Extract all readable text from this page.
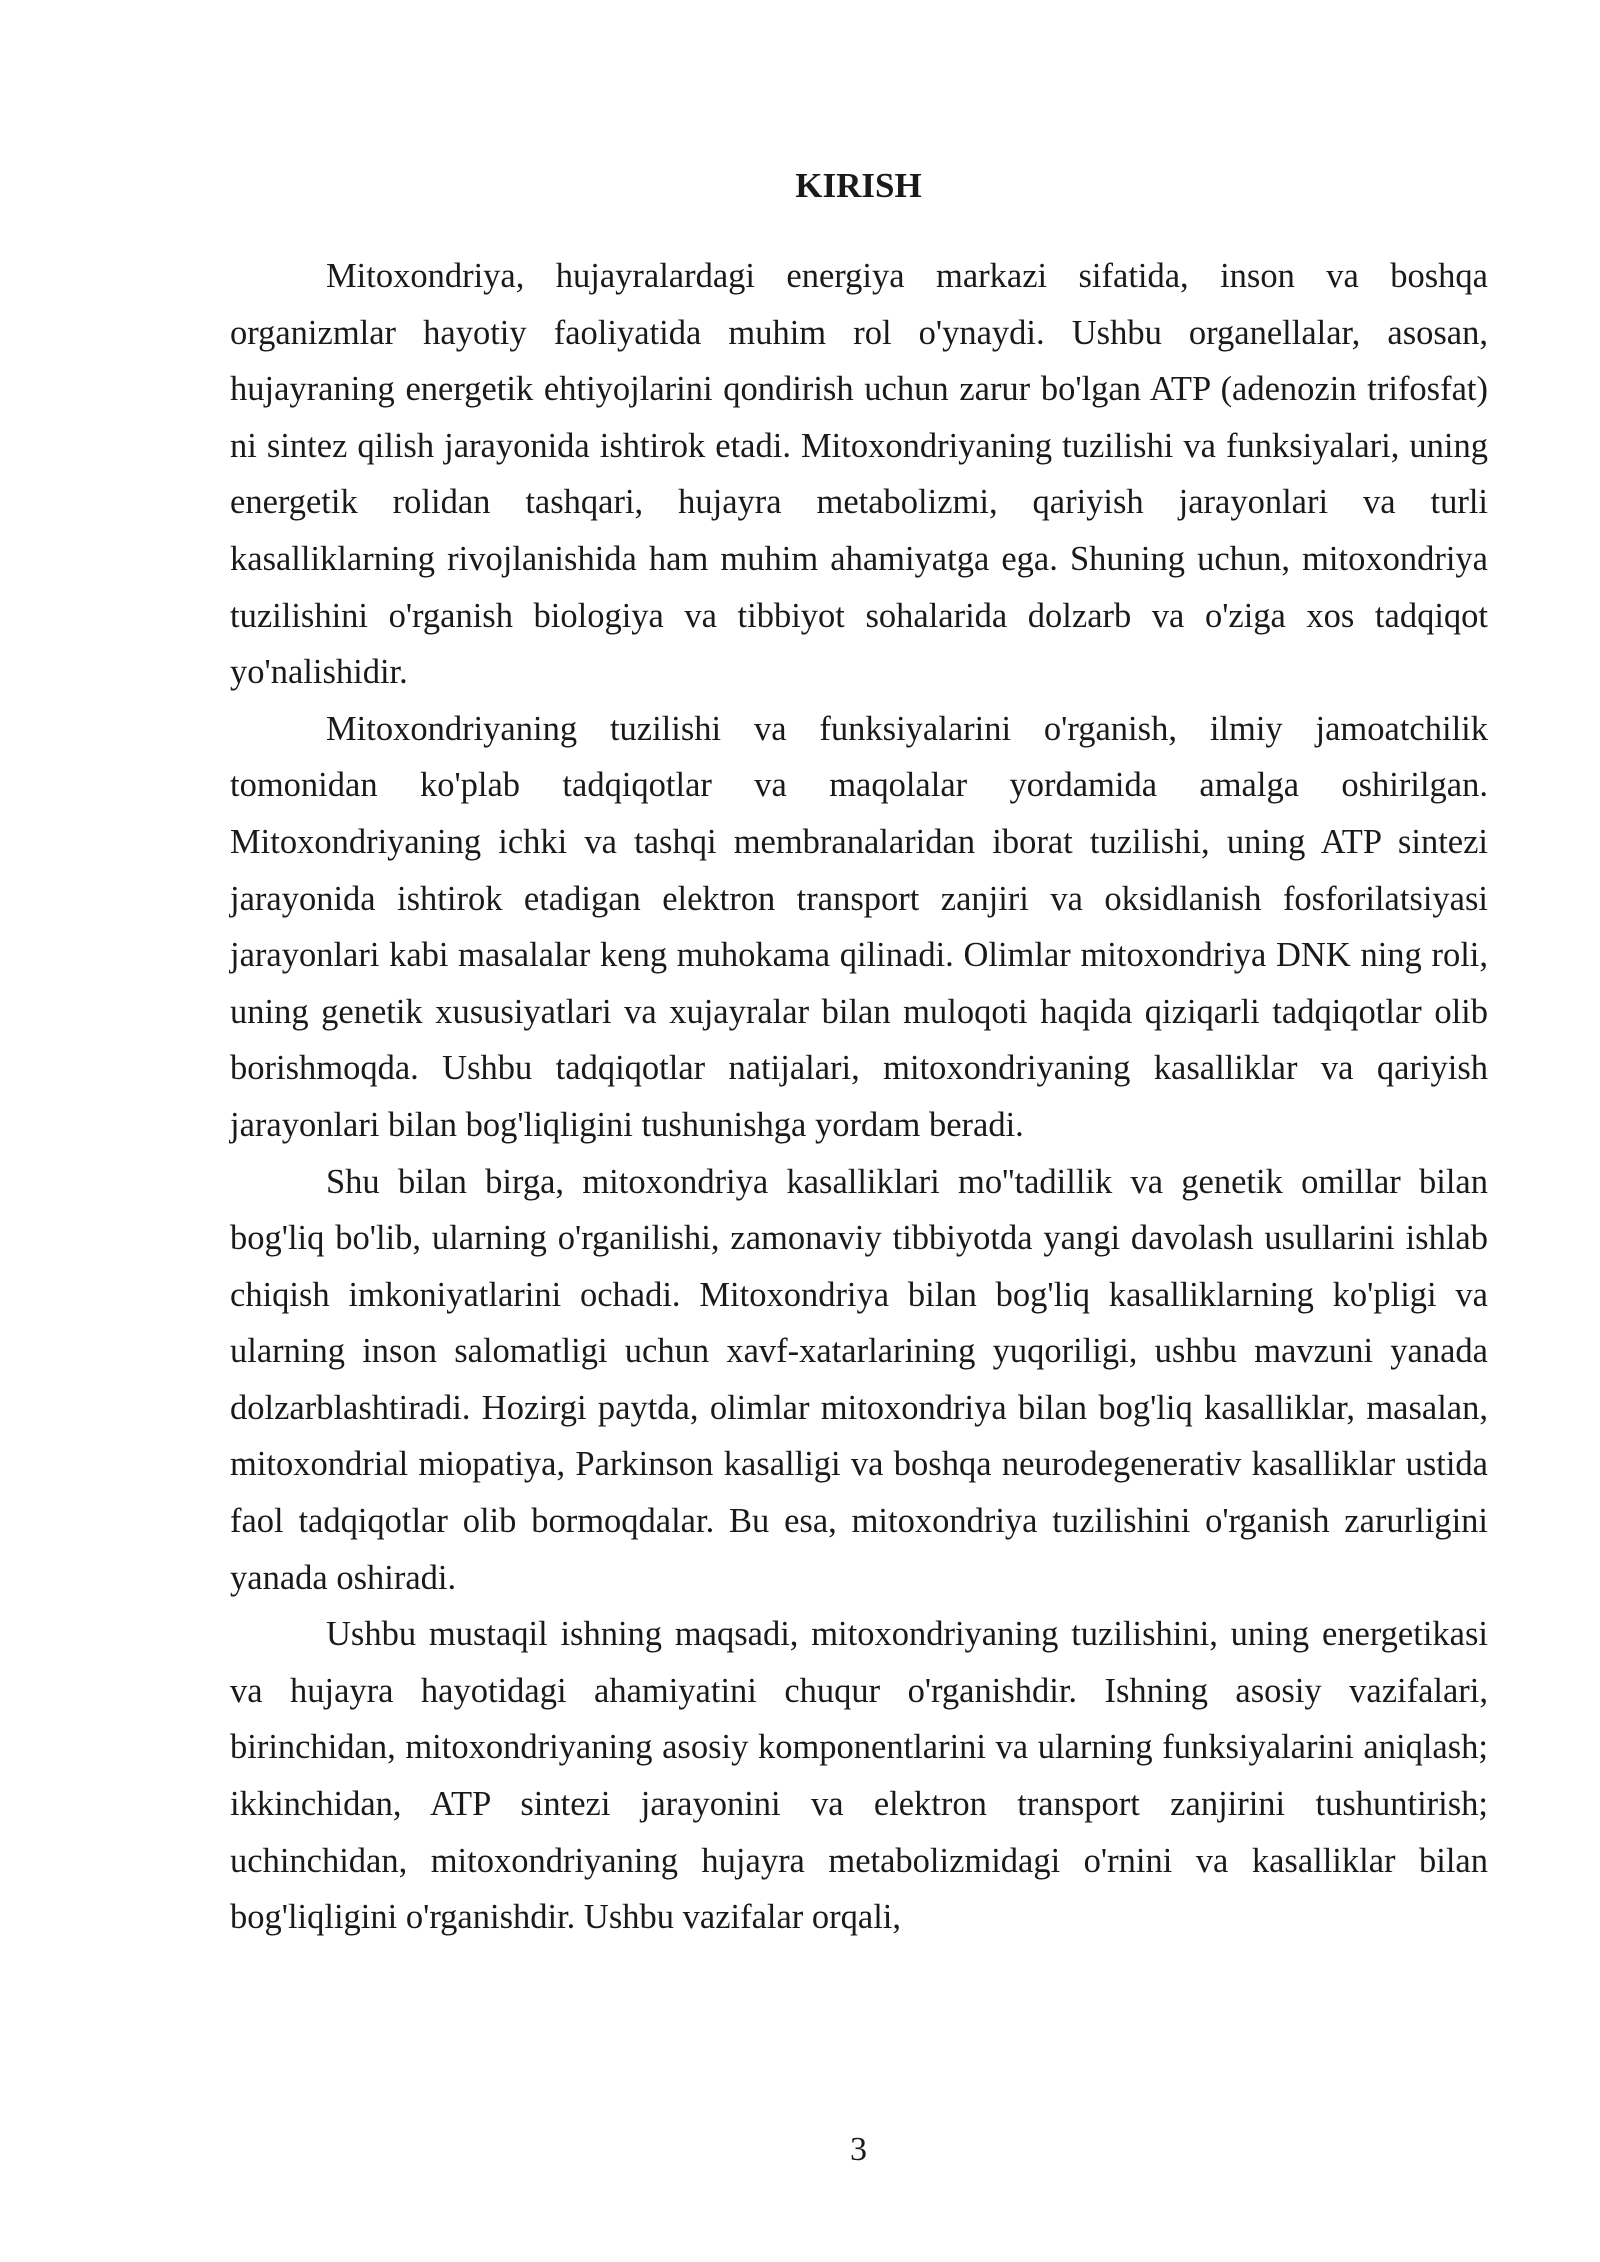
KIRISH

Mitoxondriya, hujayralardagi energiya markazi sifatida, inson va boshqa organizmlar hayotiy faoliyatida muhim rol o'ynaydi. Ushbu organellalar, asosan, hujayraning energetik ehtiyojlarini qondirish uchun zarur bo'lgan ATP (adenozin trifosfat) ni sintez qilish jarayonida ishtirok etadi. Mitoxondriyaning tuzilishi va funksiyalari, uning energetik rolidan tashqari, hujayra metabolizmi, qariyish jarayonlari va turli kasalliklarning rivojlanishida ham muhim ahamiyatga ega. Shuning uchun, mitoxondriya tuzilishini o'rganish biologiya va tibbiyot sohalarida dolzarb va o'ziga xos tadqiqot yo'nalishidir.

Mitoxondriyaning tuzilishi va funksiyalarini o'rganish, ilmiy jamoatchilik tomonidan ko'plab tadqiqotlar va maqolalar yordamida amalga oshirilgan. Mitoxondriyaning ichki va tashqi membranalaridan iborat tuzilishi, uning ATP sintezi jarayonida ishtirok etadigan elektron transport zanjiri va oksidlanish fosforilatsiyasi jarayonlari kabi masalalar keng muhokama qilinadi. Olimlar mitoxondriya DNK ning roli, uning genetik xususiyatlari va xujayralar bilan muloqoti haqida qiziqarli tadqiqotlar olib borishmoqda. Ushbu tadqiqotlar natijalari, mitoxondriyaning kasalliklar va qariyish jarayonlari bilan bog'liqligini tushunishga yordam beradi.

Shu bilan birga, mitoxondriya kasalliklari mo''tadillik va genetik omillar bilan bog'liq bo'lib, ularning o'rganilishi, zamonaviy tibbiyotda yangi davolash usullarini ishlab chiqish imkoniyatlarini ochadi. Mitoxondriya bilan bog'liq kasalliklarning ko'pligi va ularning inson salomatligi uchun xavf-xatarlarining yuqoriligi, ushbu mavzuni yanada dolzarblashtiradi. Hozirgi paytda, olimlar mitoxondriya bilan bog'liq kasalliklar, masalan, mitoxondrial miopatiya, Parkinson kasalligi va boshqa neurodegenerativ kasalliklar ustida faol tadqiqotlar olib bormoqdalar. Bu esa, mitoxondriya tuzilishini o'rganish zarurligini yanada oshiradi.

Ushbu mustaqil ishning maqsadi, mitoxondriyaning tuzilishini, uning energetikasi va hujayra hayotidagi ahamiyatini chuqur o'rganishdir. Ishning asosiy vazifalari, birinchidan, mitoxondriyaning asosiy komponentlarini va ularning funksiyalarini aniqlash; ikkinchidan, ATP sintezi jarayonini va elektron transport zanjirini tushuntirish; uchinchidan, mitoxondriyaning hujayra metabolizmidagi o'rnini va kasalliklar bilan bog'liqligini o'rganishdir. Ushbu vazifalar orqali,

3
